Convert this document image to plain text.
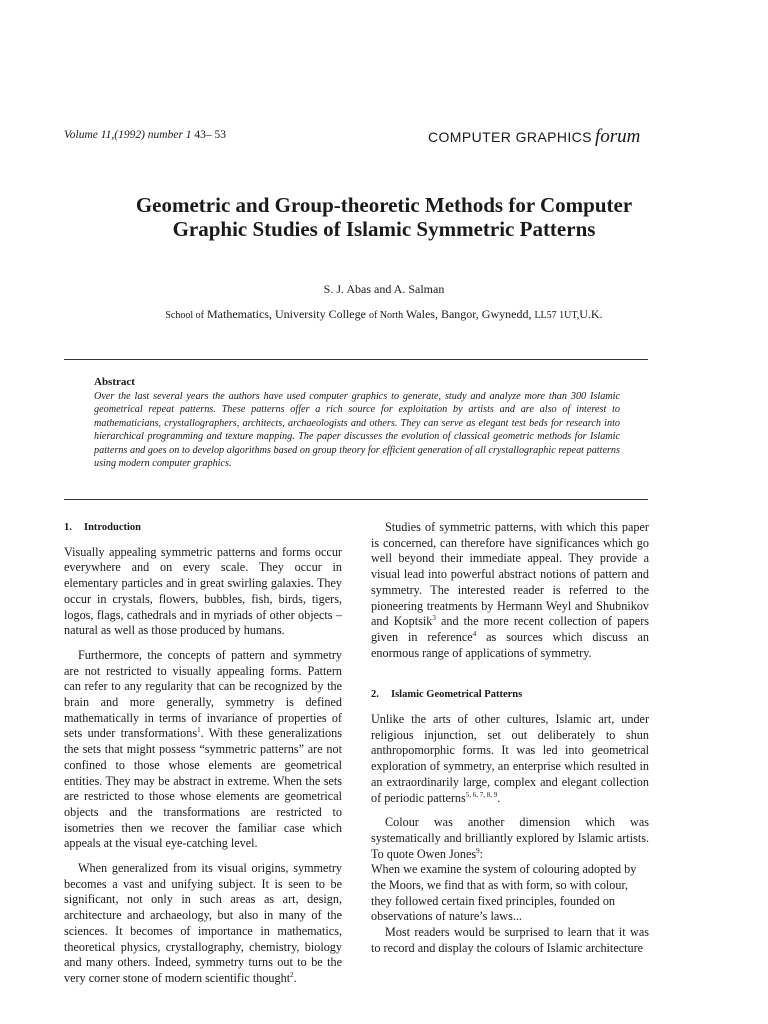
Volume 11,(1992) number 1 43– 53	COMPUTER GRAPHICS forum
Geometric and Group-theoretic Methods for Computer
Graphic Studies of Islamic Symmetric Patterns
S. J. Abas and A. Salman
School of Mathematics, University College of North Wales, Bangor, Gwynedd, LL57 1UT,U.K.
Abstract
Over the last several years the authors have used computer graphics to generate, study and analyze more than 300 Islamic geometrical repeat patterns. These patterns offer a rich source for exploitation by artists and are also of interest to mathematicians, crystallographers, architects, archaeologists and others. They can serve as elegant test beds for research into hierarchical programming and texture mapping. The paper discusses the evolution of classical geometric methods for Islamic patterns and goes on to develop algorithms based on group theory for efficient generation of all crystallographic repeat patterns using modern computer graphics.
1. Introduction

Visually appealing symmetric patterns and forms occur everywhere and on every scale. They occur in elementary particles and in great swirling galaxies. They occur in crystals, flowers, bubbles, fish, birds, tigers, logos, flags, cathedrals and in myriads of other objects – natural as well as those produced by humans.

Furthermore, the concepts of pattern and symmetry are not restricted to visually appealing forms. Pattern can refer to any regularity that can be recognized by the brain and more generally, symmetry is defined mathematically in terms of invariance of properties of sets under transformations$^1$. With these generalizations the sets that might possess “symmetric patterns” are not confined to those whose elements are geometrical entities. They may be abstract in extreme. When the sets are restricted to those whose elements are geometrical objects and the transformations are restricted to isometries then we recover the familiar case which appeals at the visual eye-catching level.

When generalized from its visual origins, symmetry becomes a vast and unifying subject. It is seen to be significant, not only in such areas as art, design, architecture and archaeology, but also in many of the sciences. It becomes of importance in mathematics, theoretical physics, crystallography, chemistry, biology and many others. Indeed, symmetry turns out to be the very corner stone of modern scientific thought$^2$.

Studies of symmetric patterns, with which this paper is concerned, can therefore have significances which go well beyond their immediate appeal. They provide a visual lead into powerful abstract notions of pattern and symmetry. The interested reader is referred to the pioneering treatments by Hermann Weyl and Shubnikov and Koptsik$^3$ and the more recent collection of papers given in reference$^4$ as sources which discuss an enormous range of applications of symmetry.

2. Islamic Geometrical Patterns

Unlike the arts of other cultures, Islamic art, under religious injunction, set out deliberately to shun anthropomorphic forms. It was led into geometrical exploration of symmetry, an enterprise which resulted in an extraordinarily large, complex and elegant collection of periodic patterns$^{5, 6, 7, 8, 9}$.

Colour was another dimension which was systematically and brilliantly explored by Islamic artists. To quote Owen Jones$^9$:

When we examine the system of colouring adopted by the Moors, we find that as with form, so with colour, they followed certain fixed principles, founded on observations of nature’s laws...

Most readers would be surprised to learn that it was to record and display the colours of Islamic architecture
